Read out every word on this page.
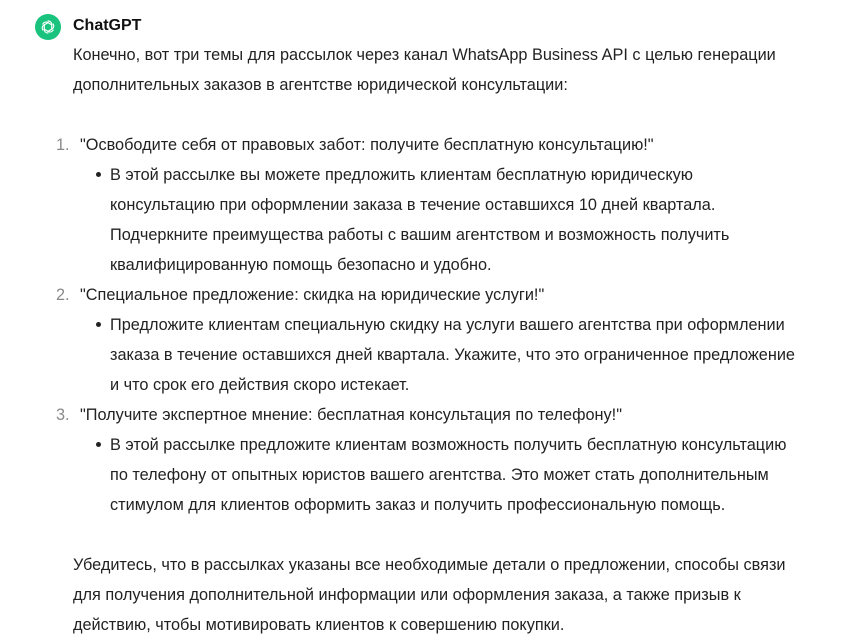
ChatGPT

Конечно, вот три темы для рассылок через канал WhatsApp Business API с целью генерации
дополнительных заказов в агентстве юридической консультации:

1. "Освободите себя от правовых забот: получите бесплатную консультацию!"
В этой рассылке вы можете предложить клиентам бесплатную юридическую
консультацию при оформлении заказа в течение оставшихся 10 дней квартала.
Подчеркните преимущества работы с вашим агентством и возможность получить
квалифицированную помощь безопасно и удобно.
2. "Специальное предложение: скидка на юридические услуги!"
Предложите клиентам специальную скидку на услуги вашего агентства при оформлении
заказа в течение оставшихся дней квартала. Укажите, что это ограниченное предложение
и что срок его действия скоро истекает.
3. "Получите экспертное мнение: бесплатная консультация по телефону!"
В этой рассылке предложите клиентам возможность получить бесплатную консультацию
по телефону от опытных юристов вашего агентства. Это может стать дополнительным
стимулом для клиентов оформить заказ и получить профессиональную помощь.

Убедитесь, что в рассылках указаны все необходимые детали о предложении, способы связи
для получения дополнительной информации или оформления заказа, а также призыв к
действию, чтобы мотивировать клиентов к совершению покупки.
